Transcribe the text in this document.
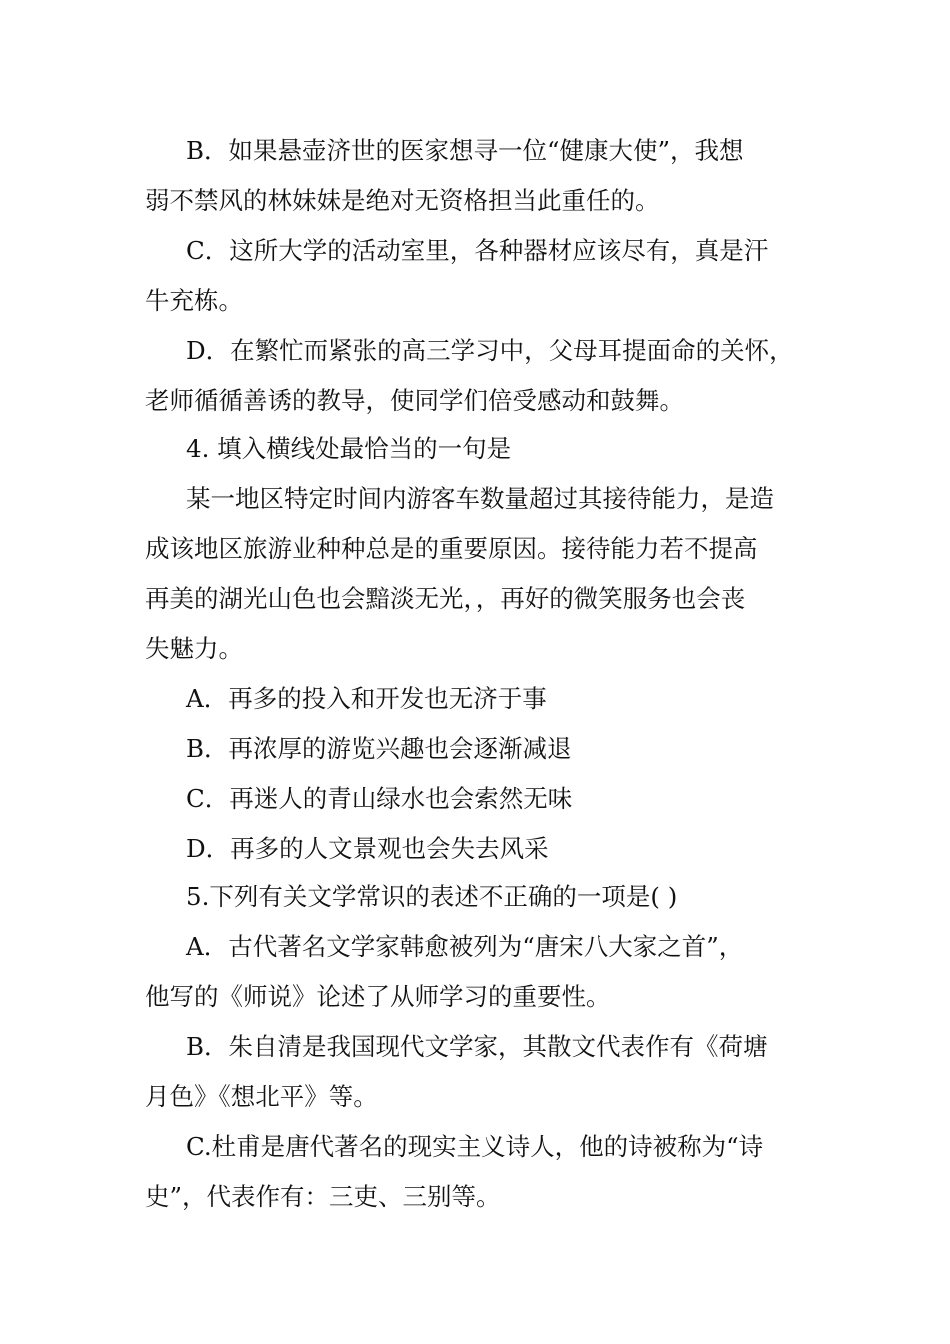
B．如果悬壶济世的医家想寻一位“健康大使”，我想
弱不禁风的林妹妹是绝对无资格担当此重任的。
C．这所大学的活动室里，各种器材应该尽有，真是汗
牛充栋。
D．在繁忙而紧张的高三学习中，父母耳提面命的关怀，
老师循循善诱的教导，使同学们倍受感动和鼓舞。
4. 填入横线处最恰当的一句是
某一地区特定时间内游客车数量超过其接待能力，是造
成该地区旅游业种种总是的重要原因。接待能力若不提高
再美的湖光山色也会黯淡无光，，再好的微笑服务也会丧
失魅力。
A．再多的投入和开发也无济于事
B．再浓厚的游览兴趣也会逐渐减退
C．再迷人的青山绿水也会索然无味
D．再多的人文景观也会失去风采
5.下列有关文学常识的表述不正确的一项是( )
A．古代著名文学家韩愈被列为“唐宋八大家之首”，
他写的《师说》论述了从师学习的重要性。
B．朱自清是我国现代文学家，其散文代表作有《荷塘
月色》《想北平》等。
C.杜甫是唐代著名的现实主义诗人，他的诗被称为“诗
史”，代表作有：三吏、三别等。
